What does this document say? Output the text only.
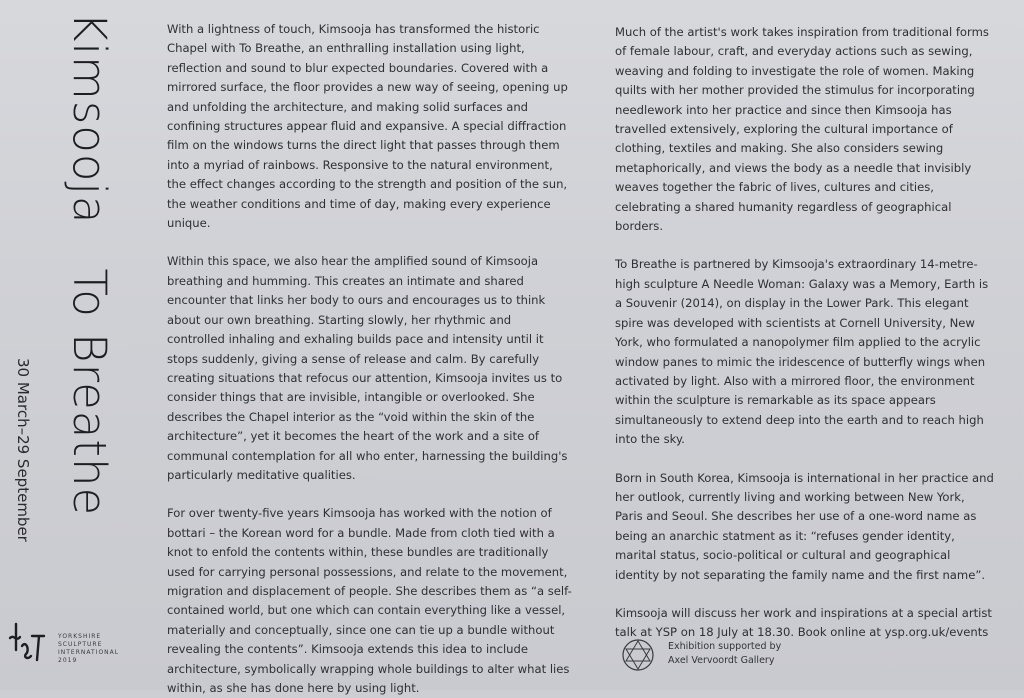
KimsoojaTo Breathe
30 March–29 September
YORKSHIRE
SCULPTURE
INTERNATIONAL
2019

With a lightness of touch, Kimsooja has transformed the historic Chapel with To Breathe, an enthralling installation using light, reflection and sound to blur expected boundaries. Covered with a mirrored surface, the floor provides a new way of seeing, opening up and unfolding the architecture, and making solid surfaces and confining structures appear fluid and expansive. A special diffraction film on the windows turns the direct light that passes through them into a myriad of rainbows. Responsive to the natural environment, the effect changes according to the strength and position of the sun, the weather conditions and time of day, making every experience unique.

Within this space, we also hear the amplified sound of Kimsooja breathing and humming. This creates an intimate and shared encounter that links her body to ours and encourages us to think about our own breathing. Starting slowly, her rhythmic and controlled inhaling and exhaling builds pace and intensity until it stops suddenly, giving a sense of release and calm. By carefully creating situations that refocus our attention, Kimsooja invites us to consider things that are invisible, intangible or overlooked. She describes the Chapel interior as the “void within the skin of the architecture”, yet it becomes the heart of the work and a site of communal contemplation for all who enter, harnessing the building's particularly meditative qualities.

For over twenty-five years Kimsooja has worked with the notion of bottari – the Korean word for a bundle. Made from cloth tied with a knot to enfold the contents within, these bundles are traditionally used for carrying personal possessions, and relate to the movement, migration and displacement of people. She describes them as “a self-contained world, but one which can contain everything like a vessel, materially and conceptually, since one can tie up a bundle without revealing the contents”. Kimsooja extends this idea to include architecture, symbolically wrapping whole buildings to alter what lies within, as she has done here by using light.

Much of the artist's work takes inspiration from traditional forms of female labour, craft, and everyday actions such as sewing, weaving and folding to investigate the role of women. Making quilts with her mother provided the stimulus for incorporating needlework into her practice and since then Kimsooja has travelled extensively, exploring the cultural importance of clothing, textiles and making. She also considers sewing metaphorically, and views the body as a needle that invisibly weaves together the fabric of lives, cultures and cities, celebrating a shared humanity regardless of geographical borders.

To Breathe is partnered by Kimsooja's extraordinary 14-metre-high sculpture A Needle Woman: Galaxy was a Memory, Earth is a Souvenir (2014), on display in the Lower Park. This elegant spire was developed with scientists at Cornell University, New York, who formulated a nanopolymer film applied to the acrylic window panes to mimic the iridescence of butterfly wings when activated by light. Also with a mirrored floor, the environment within the sculpture is remarkable as its space appears simultaneously to extend deep into the earth and to reach high into the sky.

Born in South Korea, Kimsooja is international in her practice and her outlook, currently living and working between New York, Paris and Seoul. She describes her use of a one-word name as being an anarchic statment as it: “refuses gender identity, marital status, socio-political or cultural and geographical identity by not separating the family name and the first name”.

Kimsooja will discuss her work and inspirations at a special artist talk at YSP on 18 July at 18.30. Book online at ysp.org.uk/events

Exhibition supported by
Axel Vervoordt Gallery
